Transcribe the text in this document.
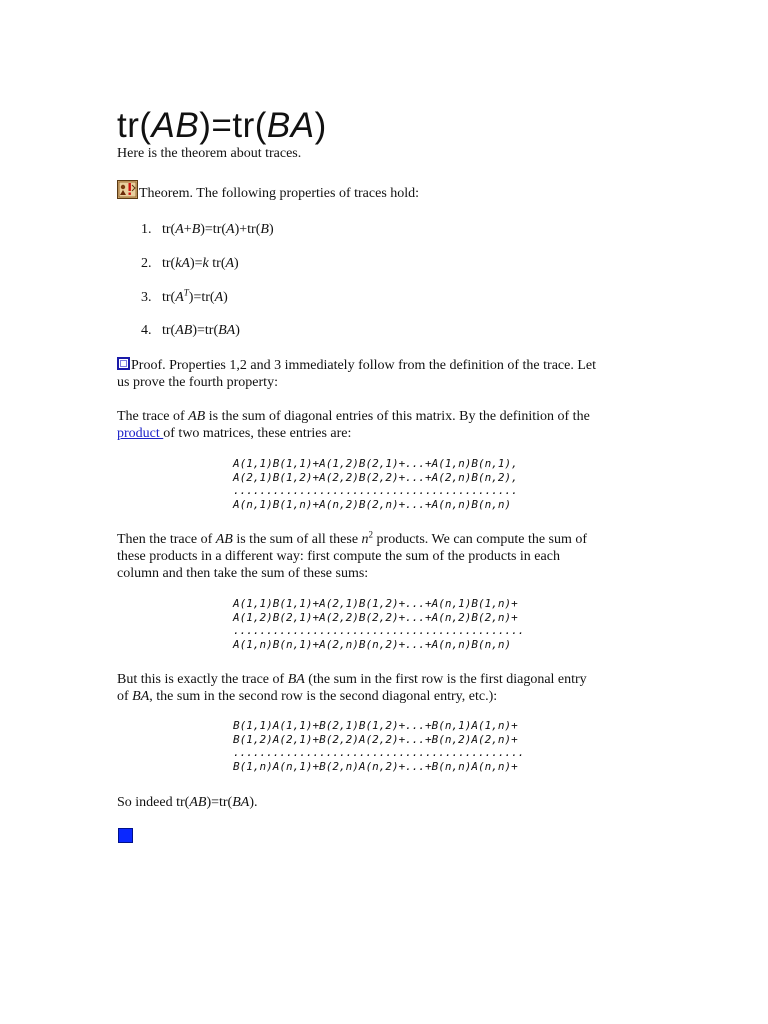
tr(AB)=tr(BA)

Here is the theorem about traces.

Theorem. The following properties of traces hold:

1. tr(A+B)=tr(A)+tr(B)
2. tr(kA)=k tr(A)
3. $tr(A^T)=tr(A)$
4. tr(AB)=tr(BA)

Proof. Properties 1,2 and 3 immediately follow from the definition of the trace. Let
us prove the fourth property:

The trace of AB is the sum of diagonal entries of this matrix. By the definition of the
product of two matrices, these entries are:

A(1,1)B(1,1)+A(1,2)B(2,1)+...+A(1,n)B(n,1),
A(2,1)B(1,2)+A(2,2)B(2,2)+...+A(2,n)B(n,2),
...........................................
A(n,1)B(1,n)+A(n,2)B(2,n)+...+A(n,n)B(n,n)

Then the trace of AB is the sum of all these $n^2$ products. We can compute the sum of
these products in a different way: first compute the sum of the products in each
column and then take the sum of these sums:

A(1,1)B(1,1)+A(2,1)B(1,2)+...+A(n,1)B(1,n)+
A(1,2)B(2,1)+A(2,2)B(2,2)+...+A(n,2)B(2,n)+
............................................
A(1,n)B(n,1)+A(2,n)B(n,2)+...+A(n,n)B(n,n)

But this is exactly the trace of BA (the sum in the first row is the first diagonal entry
of BA, the sum in the second row is the second diagonal entry, etc.):

B(1,1)A(1,1)+B(2,1)B(1,2)+...+B(n,1)A(1,n)+
B(1,2)A(2,1)+B(2,2)A(2,2)+...+B(n,2)A(2,n)+
............................................
B(1,n)A(n,1)+B(2,n)A(n,2)+...+B(n,n)A(n,n)+

So indeed tr(AB)=tr(BA).
